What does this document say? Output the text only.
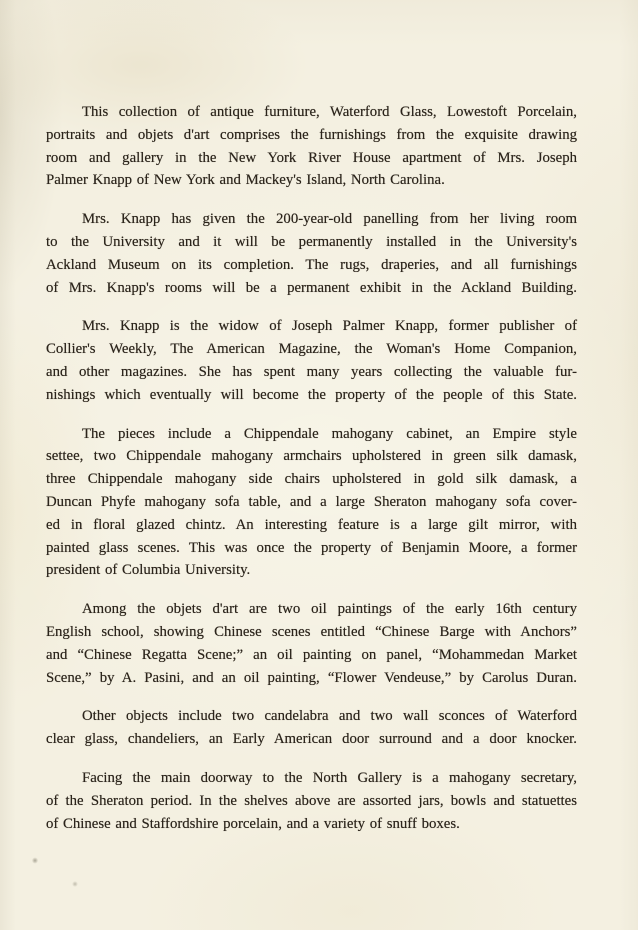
This collection of antique furniture, Waterford Glass, Lowestoft Porcelain,
portraits and objets d'art comprises the furnishings from the exquisite drawing
room and gallery in the New York River House apartment of Mrs. Joseph
Palmer Knapp of New York and Mackey's Island, North Carolina.
Mrs. Knapp has given the 200-year-old panelling from her living room
to the University and it will be permanently installed in the University's
Ackland Museum on its completion. The rugs, draperies, and all furnishings
of Mrs. Knapp's rooms will be a permanent exhibit in the Ackland Building.
Mrs. Knapp is the widow of Joseph Palmer Knapp, former publisher of
Collier's Weekly, The American Magazine, the Woman's Home Companion,
and other magazines. She has spent many years collecting the valuable fur-
nishings which eventually will become the property of the people of this State.
The pieces include a Chippendale mahogany cabinet, an Empire style
settee, two Chippendale mahogany armchairs upholstered in green silk damask,
three Chippendale mahogany side chairs upholstered in gold silk damask, a
Duncan Phyfe mahogany sofa table, and a large Sheraton mahogany sofa cover-
ed in floral glazed chintz. An interesting feature is a large gilt mirror, with
painted glass scenes. This was once the property of Benjamin Moore, a former
president of Columbia University.
Among the objets d'art are two oil paintings of the early 16th century
English school, showing Chinese scenes entitled “Chinese Barge with Anchors”
and “Chinese Regatta Scene;” an oil painting on panel, “Mohammedan Market
Scene,” by A. Pasini, and an oil painting, “Flower Vendeuse,” by Carolus Duran.
Other objects include two candelabra and two wall sconces of Waterford
clear glass, chandeliers, an Early American door surround and a door knocker.
Facing the main doorway to the North Gallery is a mahogany secretary,
of the Sheraton period. In the shelves above are assorted jars, bowls and statuettes
of Chinese and Staffordshire porcelain, and a variety of snuff boxes.
